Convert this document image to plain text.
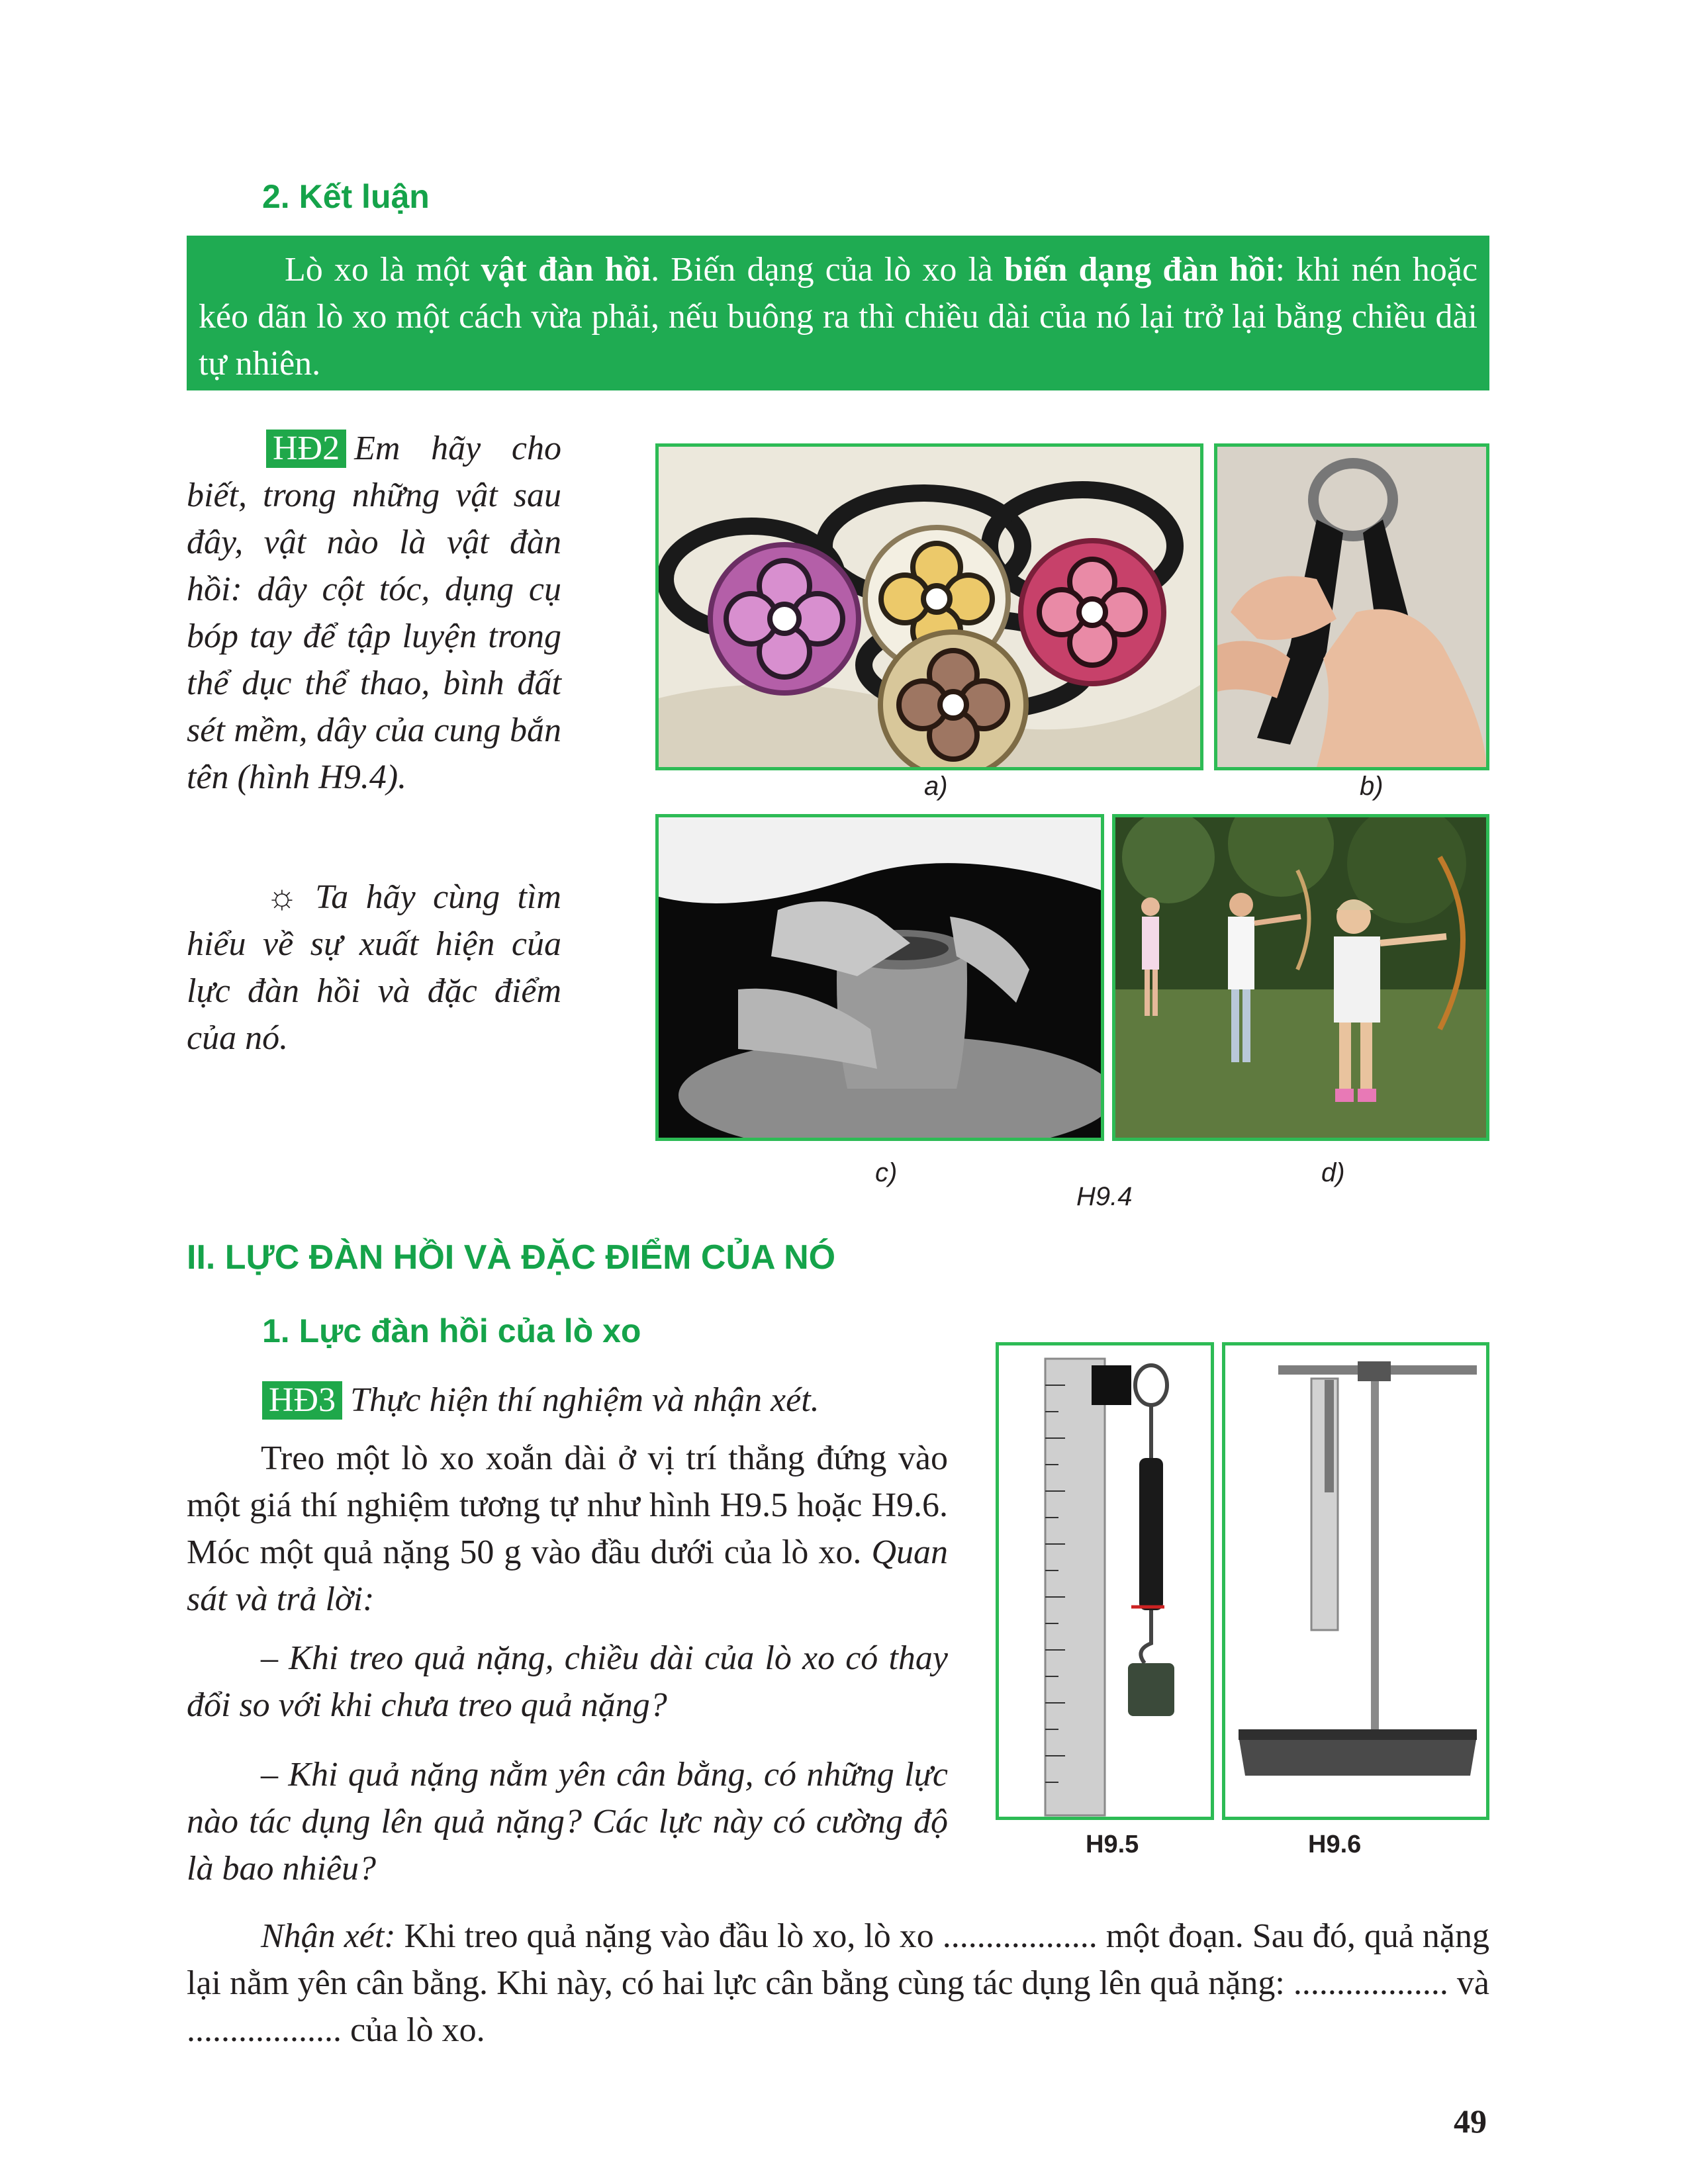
2. Kết luận
Lò xo là một vật đàn hồi. Biến dạng của lò xo là biến dạng đàn hồi: khi nén hoặc kéo dãn lò xo một cách vừa phải, nếu buông ra thì chiều dài của nó lại trở lại bằng chiều dài tự nhiên.
HĐ2 Em hãy cho biết, trong những vật sau đây, vật nào là vật đàn hồi: dây cột tóc, dụng cụ bóp tay để tập luyện trong thể dục thể thao, bình đất sét mềm, dây của cung bắn tên (hình H9.4).
☼ Ta hãy cùng tìm hiểu về sự xuất hiện của lực đàn hồi và đặc điểm của nó.
a)	b)
c)	d)
H9.4
II. LỰC ĐÀN HỒI VÀ ĐẶC ĐIỂM CỦA NÓ
1. Lực đàn hồi của lò xo
HĐ3 Thực hiện thí nghiệm và nhận xét.
Treo một lò xo xoắn dài ở vị trí thẳng đứng vào một giá thí nghiệm tương tự như hình H9.5 hoặc H9.6. Móc một quả nặng 50 g vào đầu dưới của lò xo. Quan sát và trả lời:
– Khi treo quả nặng, chiều dài của lò xo có thay đổi so với khi chưa treo quả nặng?
– Khi quả nặng nằm yên cân bằng, có những lực nào tác dụng lên quả nặng? Các lực này có cường độ là bao nhiêu?
H9.5	H9.6
Nhận xét: Khi treo quả nặng vào đầu lò xo, lò xo .................. một đoạn. Sau đó, quả nặng lại nằm yên cân bằng. Khi này, có hai lực cân bằng cùng tác dụng lên quả nặng: .................. và .................. của lò xo.
49
